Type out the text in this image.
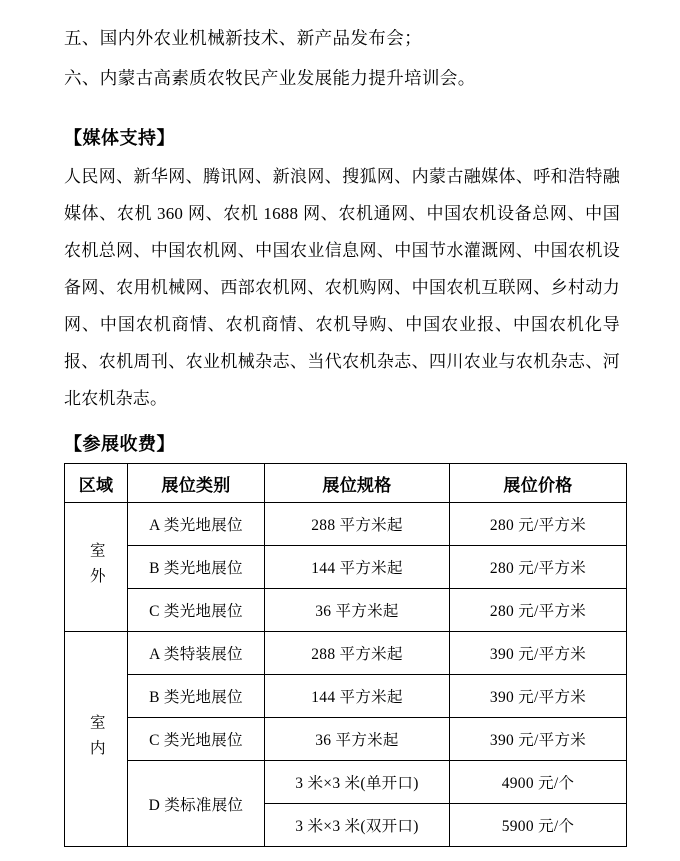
五、国内外农业机械新技术、新产品发布会；
六、内蒙古高素质农牧民产业发展能力提升培训会。
【媒体支持】

人民网、新华网、腾讯网、新浪网、搜狐网、内蒙古融媒体、呼和浩特融媒体、农机 360 网、农机 1688 网、农机通网、中国农机设备总网、中国农机总网、中国农机网、中国农业信息网、中国节水灌溉网、中国农机设备网、农用机械网、西部农机网、农机购网、中国农机互联网、乡村动力网、中国农机商情、农机商情、农机导购、中国农业报、中国农机化导报、农机周刊、农业机械杂志、当代农机杂志、四川农业与农机杂志、河北农机杂志。

【参展收费】
区域	展位类别	展位规格	展位价格

室外	A 类光地展位	288 平方米起	280 元/平方米
	B 类光地展位	144 平方米起	280 元/平方米
	C 类光地展位	36 平方米起	280 元/平方米

室内	A 类特装展位	288 平方米起	390 元/平方米
	B 类光地展位	144 平方米起	390 元/平方米
	C 类光地展位	36 平方米起	390 元/平方米
	D 类标准展位	3 米×3 米(单开口)	4900 元/个
		3 米×3 米(双开口)	5900 元/个
